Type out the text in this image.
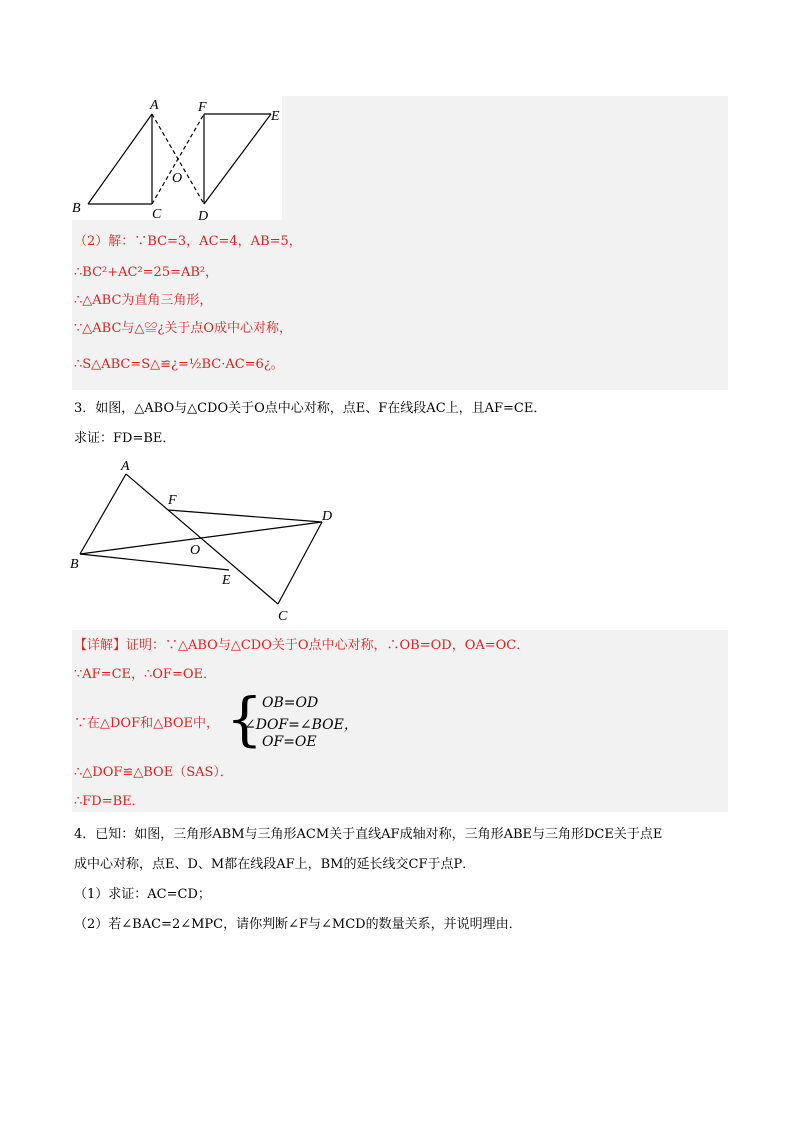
A
B	C	D
E
F
O
（2）解：∵BC=3，AC=4，AB=5，
∴BC²+AC²=25=AB²，
∴△ABC为直角三角形，
∵△ABC与△≌¿关于点O成中心对称，
∴S△ABC=S△≌¿=½BC·AC=6¿。
3．如图，△ABO与△CDO关于O点中心对称，点E、F在线段AC上，且AF=CE．
求证：FD=BE．
A
B
C
D
E
F
O
【详解】证明：∵△ABO与△CDO关于O点中心对称，∴OB=OD，OA=OC．
∵AF=CE，∴OF=OE．
∵在△DOF和△BOE中， { OB=OD
∠DOF=∠BOE，
OF=OE
∴△DOF≌△BOE（SAS）．
∴FD=BE．
4．已知：如图，三角形ABM与三角形ACM关于直线AF成轴对称，三角形ABE与三角形DCE关于点E
成中心对称，点E、D、M都在线段AF上，BM的延长线交CF于点P．
（1）求证：AC=CD；
（2）若∠BAC=2∠MPC，请你判断∠F与∠MCD的数量关系，并说明理由．
